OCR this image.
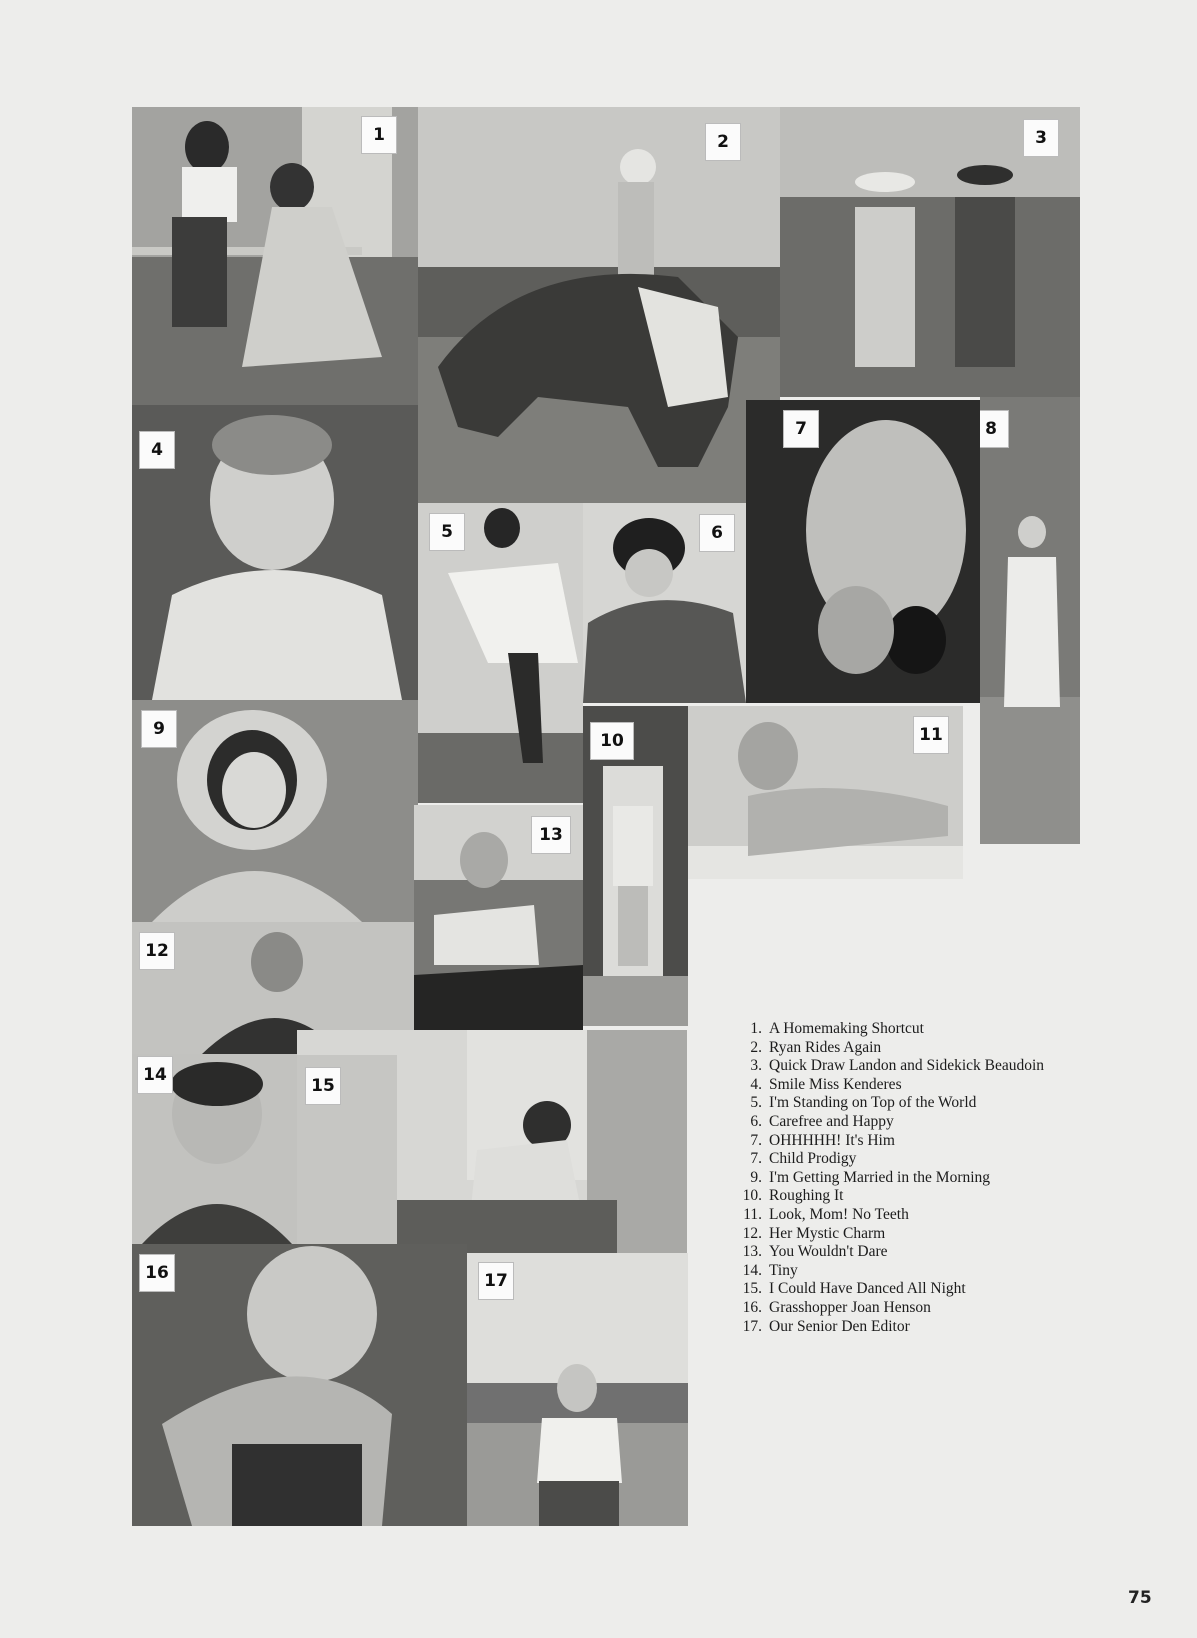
1	2	3
4
5	6
7	8
9
10	11
12
13
14
15
16	17
1. A Homemaking Shortcut
2. Ryan Rides Again
3. Quick Draw Landon and Sidekick Beaudoin
4. Smile Miss Kenderes
5. I'm Standing on Top of the World
6. Carefree and Happy
7. OHHHHH! It's Him
7. Child Prodigy
9. I'm Getting Married in the Morning
10. Roughing It
11. Look, Mom! No Teeth
12. Her Mystic Charm
13. You Wouldn't Dare
14. Tiny
15. I Could Have Danced All Night
16. Grasshopper Joan Henson
17. Our Senior Den Editor
75
